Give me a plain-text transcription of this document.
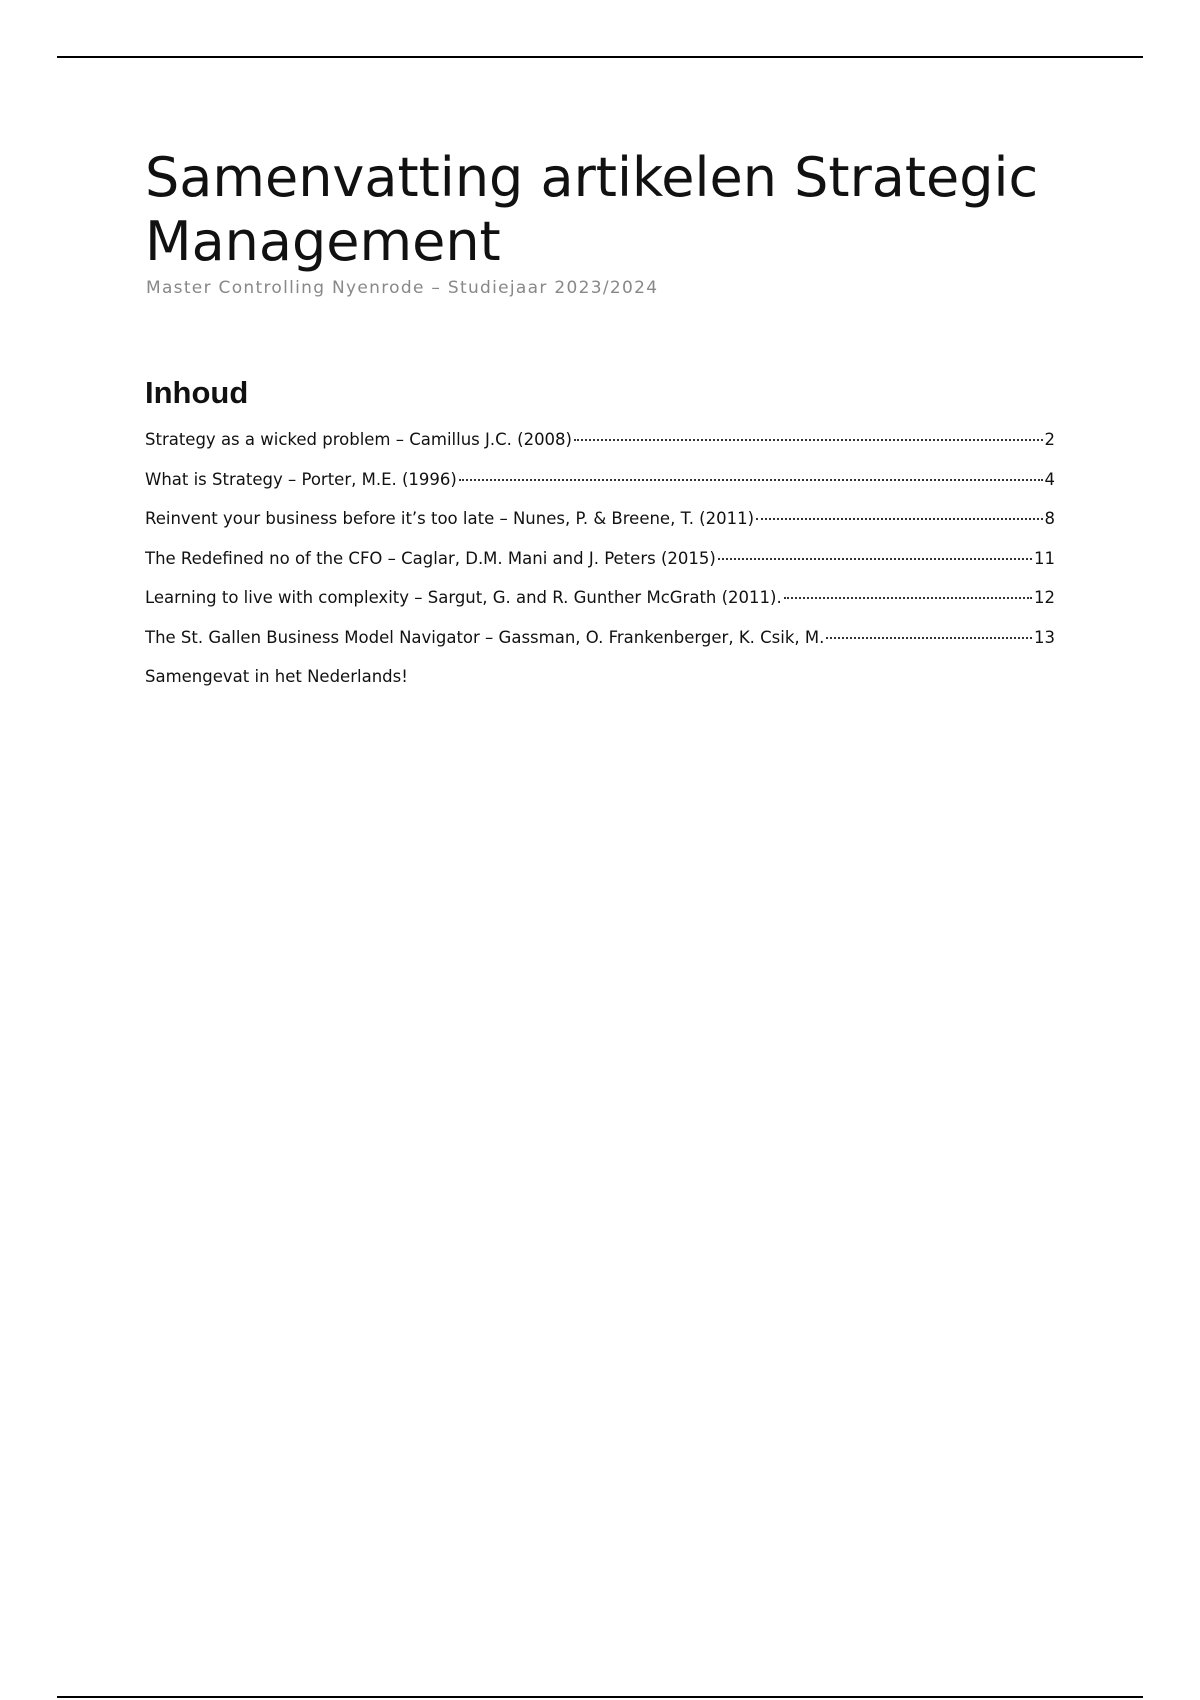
Samenvatting artikelen Strategic Management

Master Controlling Nyenrode – Studiejaar 2023/2024

Inhoud
Strategy as a wicked problem – Camillus J.C. (2008)	2
What is Strategy – Porter, M.E. (1996)	4
Reinvent your business before it’s too late – Nunes, P. & Breene, T. (2011)	8
The Redefined no of the CFO – Caglar, D.M. Mani and J. Peters (2015)	11
Learning to live with complexity – Sargut, G. and R. Gunther McGrath (2011).	12
The St. Gallen Business Model Navigator – Gassman, O. Frankenberger, K. Csik, M.	13

Samengevat in het Nederlands!
